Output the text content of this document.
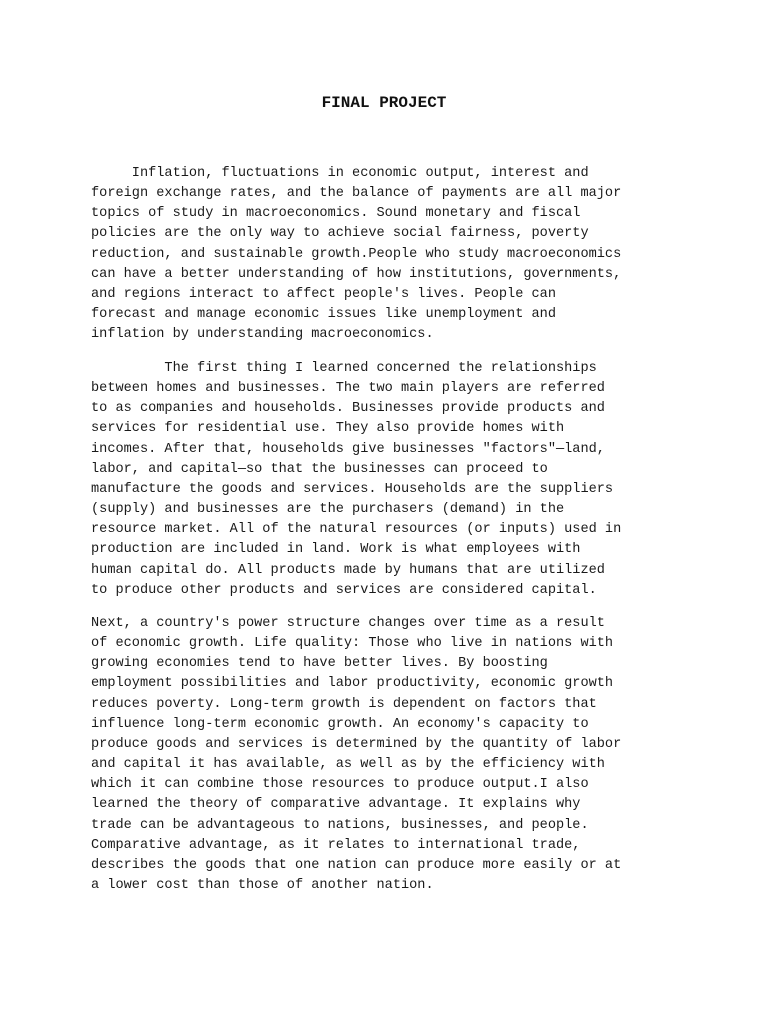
FINAL PROJECT
Inflation, fluctuations in economic output, interest and
foreign exchange rates, and the balance of payments are all major
topics of study in macroeconomics. Sound monetary and fiscal
policies are the only way to achieve social fairness, poverty
reduction, and sustainable growth.People who study macroeconomics
can have a better understanding of how institutions, governments,
and regions interact to affect people's lives. People can
forecast and manage economic issues like unemployment and
inflation by understanding macroeconomics.
The first thing I learned concerned the relationships
between homes and businesses. The two main players are referred
to as companies and households. Businesses provide products and
services for residential use. They also provide homes with
incomes. After that, households give businesses "factors"—land,
labor, and capital—so that the businesses can proceed to
manufacture the goods and services. Households are the suppliers
(supply) and businesses are the purchasers (demand) in the
resource market. All of the natural resources (or inputs) used in
production are included in land. Work is what employees with
human capital do. All products made by humans that are utilized
to produce other products and services are considered capital.
Next, a country's power structure changes over time as a result
of economic growth. Life quality: Those who live in nations with
growing economies tend to have better lives. By boosting
employment possibilities and labor productivity, economic growth
reduces poverty. Long-term growth is dependent on factors that
influence long-term economic growth. An economy's capacity to
produce goods and services is determined by the quantity of labor
and capital it has available, as well as by the efficiency with
which it can combine those resources to produce output.I also
learned the theory of comparative advantage. It explains why
trade can be advantageous to nations, businesses, and people.
Comparative advantage, as it relates to international trade,
describes the goods that one nation can produce more easily or at
a lower cost than those of another nation.
